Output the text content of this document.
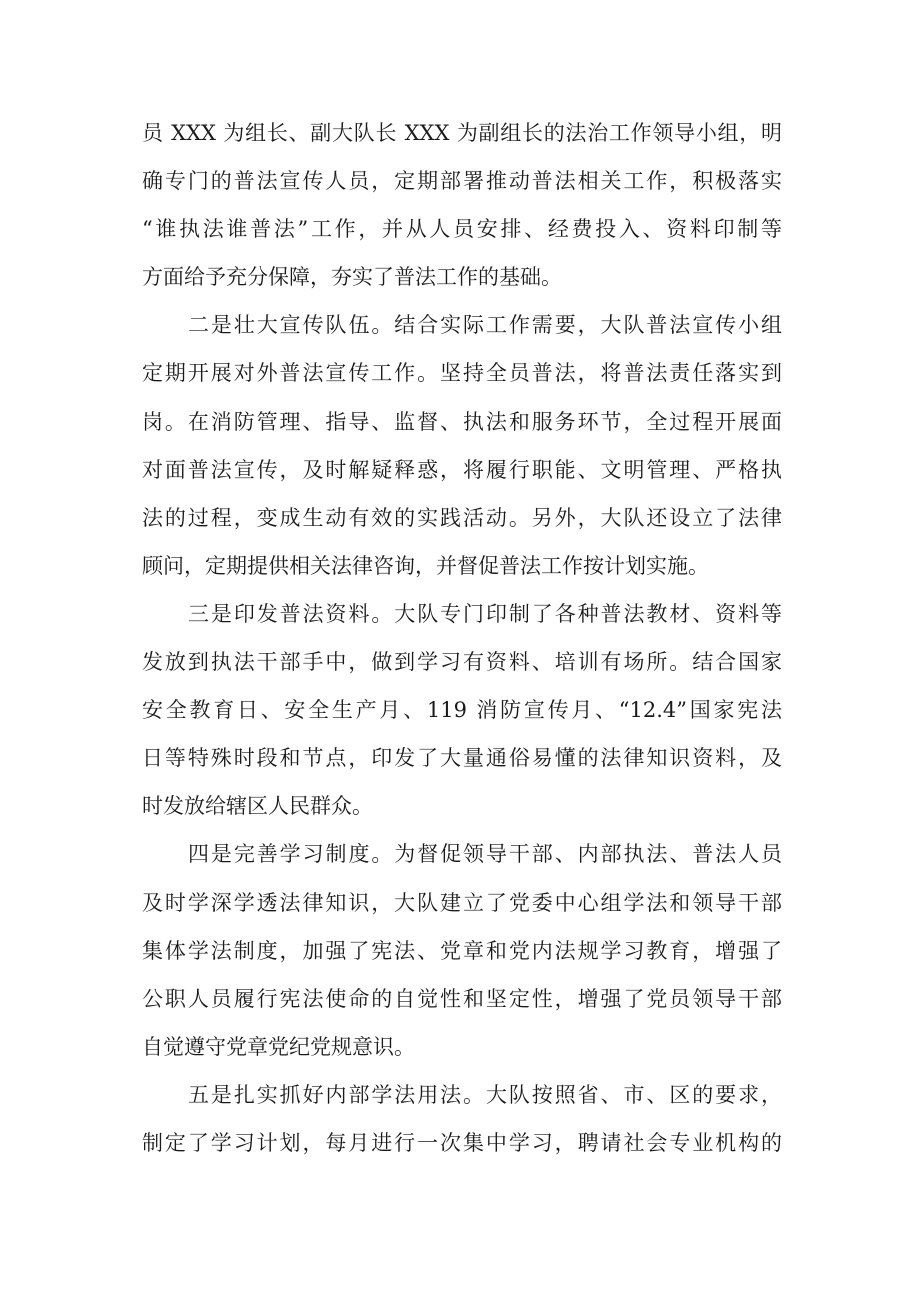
员 XXX 为组长、副大队长 XXX 为副组长的法治工作领导小组，明
确专门的普法宣传人员，定期部署推动普法相关工作，积极落实
“谁执法谁普法”工作，并从人员安排、经费投入、资料印制等
方面给予充分保障，夯实了普法工作的基础。
二是壮大宣传队伍。结合实际工作需要，大队普法宣传小组
定期开展对外普法宣传工作。坚持全员普法，将普法责任落实到
岗。在消防管理、指导、监督、执法和服务环节，全过程开展面
对面普法宣传，及时解疑释惑，将履行职能、文明管理、严格执
法的过程，变成生动有效的实践活动。另外，大队还设立了法律
顾问，定期提供相关法律咨询，并督促普法工作按计划实施。
三是印发普法资料。大队专门印制了各种普法教材、资料等
发放到执法干部手中，做到学习有资料、培训有场所。结合国家
安全教育日、安全生产月、119 消防宣传月、“12.4”国家宪法
日等特殊时段和节点，印发了大量通俗易懂的法律知识资料，及
时发放给辖区人民群众。
四是完善学习制度。为督促领导干部、内部执法、普法人员
及时学深学透法律知识，大队建立了党委中心组学法和领导干部
集体学法制度，加强了宪法、党章和党内法规学习教育，增强了
公职人员履行宪法使命的自觉性和坚定性，增强了党员领导干部
自觉遵守党章党纪党规意识。
五是扎实抓好内部学法用法。大队按照省、市、区的要求，
制定了学习计划，每月进行一次集中学习，聘请社会专业机构的
